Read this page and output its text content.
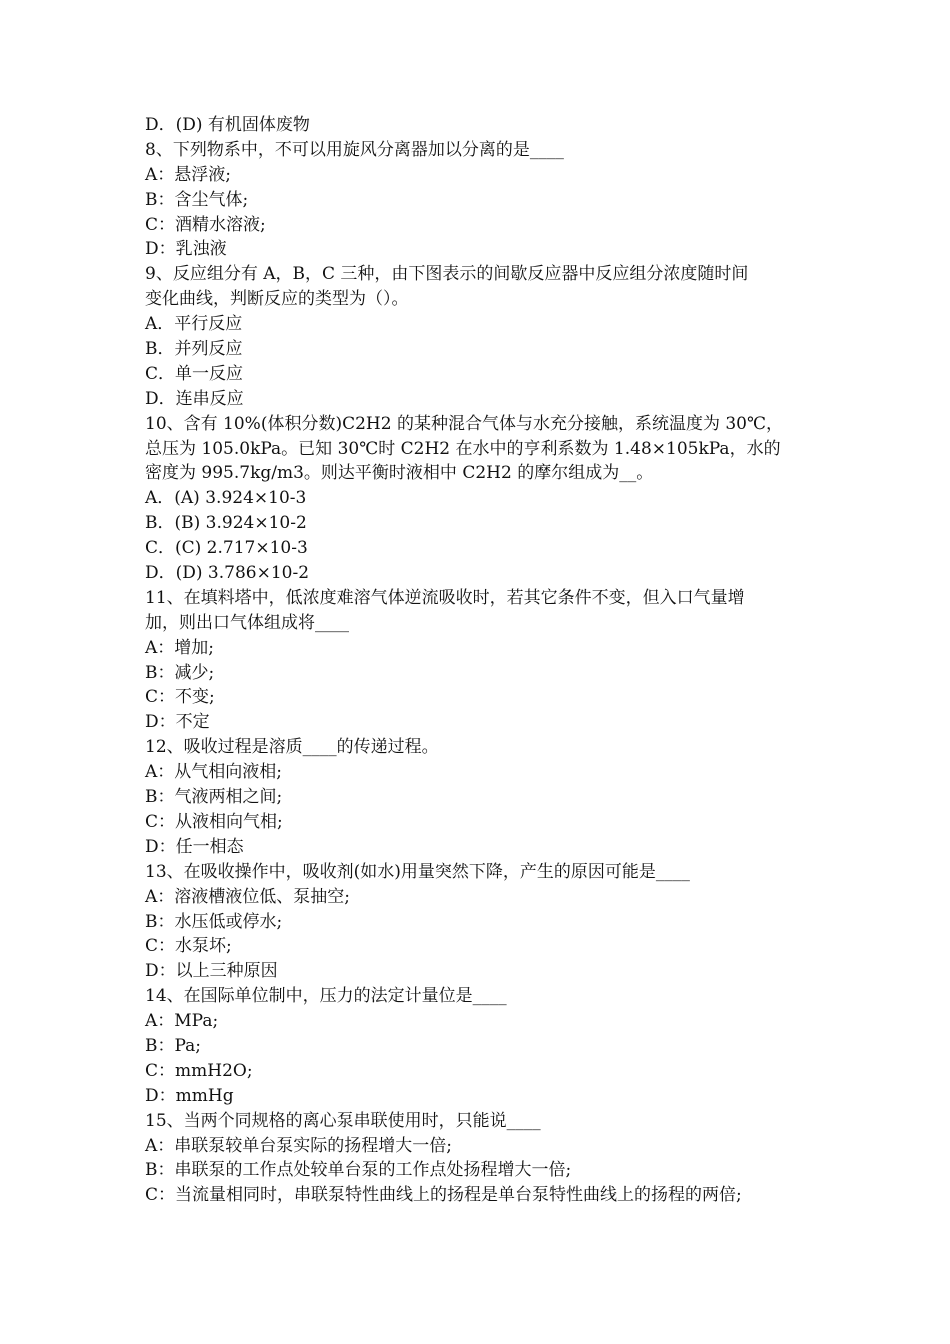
D．(D) 有机固体废物
8、下列物系中，不可以用旋风分离器加以分离的是____
A：悬浮液;
B：含尘气体;
C：酒精水溶液;
D：乳浊液
9、反应组分有 A，B，C 三种，由下图表示的间歇反应器中反应组分浓度随时间
变化曲线，判断反应的类型为（）。
A．平行反应
B．并列反应
C．单一反应
D．连串反应
10、含有 10%(体积分数)C2H2 的某种混合气体与水充分接触，系统温度为 30℃，
总压为 105.0kPa。已知 30℃时 C2H2 在水中的亨利系数为 1.48×105kPa，水的
密度为 995.7kg/m3。则达平衡时液相中 C2H2 的摩尔组成为__。
A．(A) 3.924×10-3
B．(B) 3.924×10-2
C．(C) 2.717×10-3
D．(D) 3.786×10-2
11、在填料塔中，低浓度难溶气体逆流吸收时，若其它条件不变，但入口气量增
加，则出口气体组成将____
A：增加;
B：减少;
C：不变;
D：不定
12、吸收过程是溶质____的传递过程。
A：从气相向液相;
B：气液两相之间;
C：从液相向气相;
D：任一相态
13、在吸收操作中，吸收剂(如水)用量突然下降，产生的原因可能是____
A：溶液槽液位低、泵抽空;
B：水压低或停水;
C：水泵坏;
D：以上三种原因
14、在国际单位制中，压力的法定计量位是____
A：MPa;
B：Pa;
C：mmH2O;
D：mmHg
15、当两个同规格的离心泵串联使用时，只能说____
A：串联泵较单台泵实际的扬程增大一倍;
B：串联泵的工作点处较单台泵的工作点处扬程增大一倍;
C：当流量相同时，串联泵特性曲线上的扬程是单台泵特性曲线上的扬程的两倍;
